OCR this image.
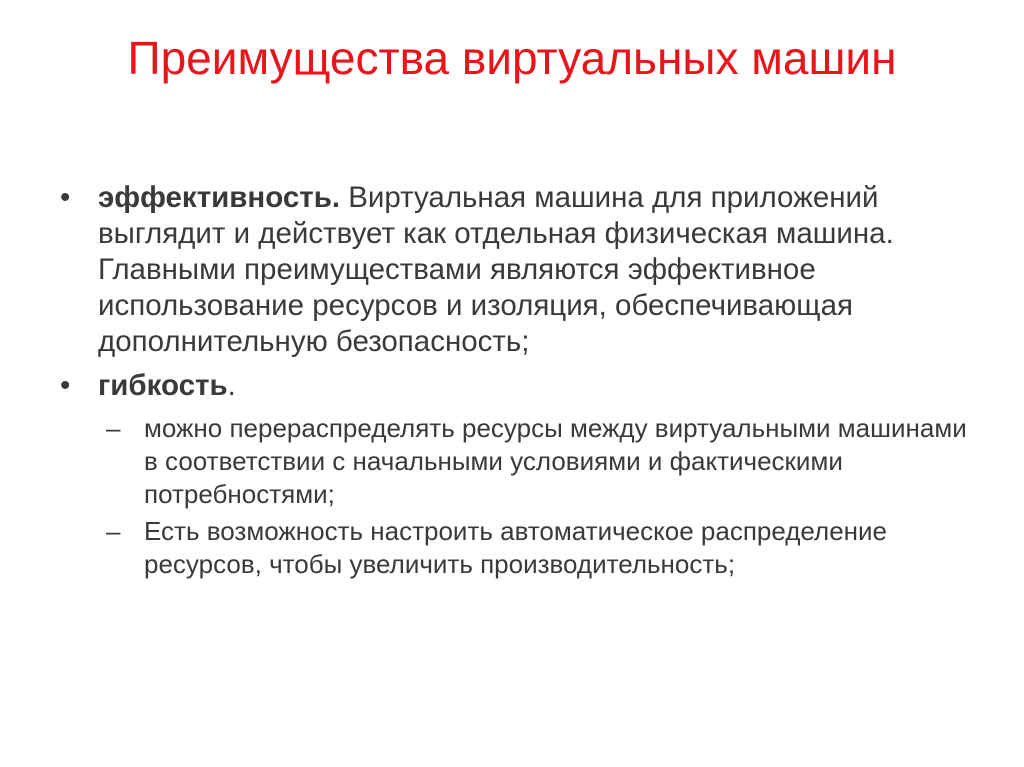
Преимущества виртуальных машин
• эффективность. Виртуальная машина для приложений выглядит и действует как отдельная физическая машина. Главными преимуществами являются эффективное использование ресурсов и изоляция, обеспечивающая дополнительную безопасность;
• гибкость.
– можно перераспределять ресурсы между виртуальными машинами в соответствии с начальными условиями и фактическими потребностями;
– Есть возможность настроить автоматическое распределение ресурсов, чтобы увеличить производительность;
